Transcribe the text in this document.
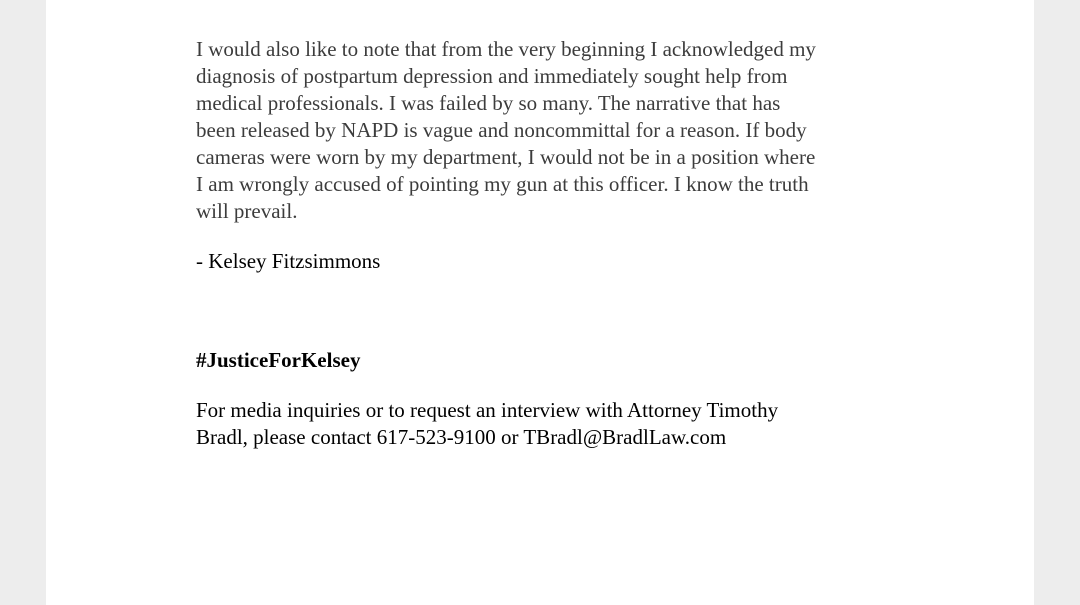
I would also like to note that from the very beginning I acknowledged my
diagnosis of postpartum depression and immediately sought help from
medical professionals. I was failed by so many. The narrative that has
been released by NAPD is vague and noncommittal for a reason. If body
cameras were worn by my department, I would not be in a position where
I am wrongly accused of pointing my gun at this officer. I know the truth
will prevail.

- Kelsey Fitzsimmons

#JusticeForKelsey

For media inquiries or to request an interview with Attorney Timothy
Bradl, please contact 617-523-9100 or TBradl@BradlLaw.com
